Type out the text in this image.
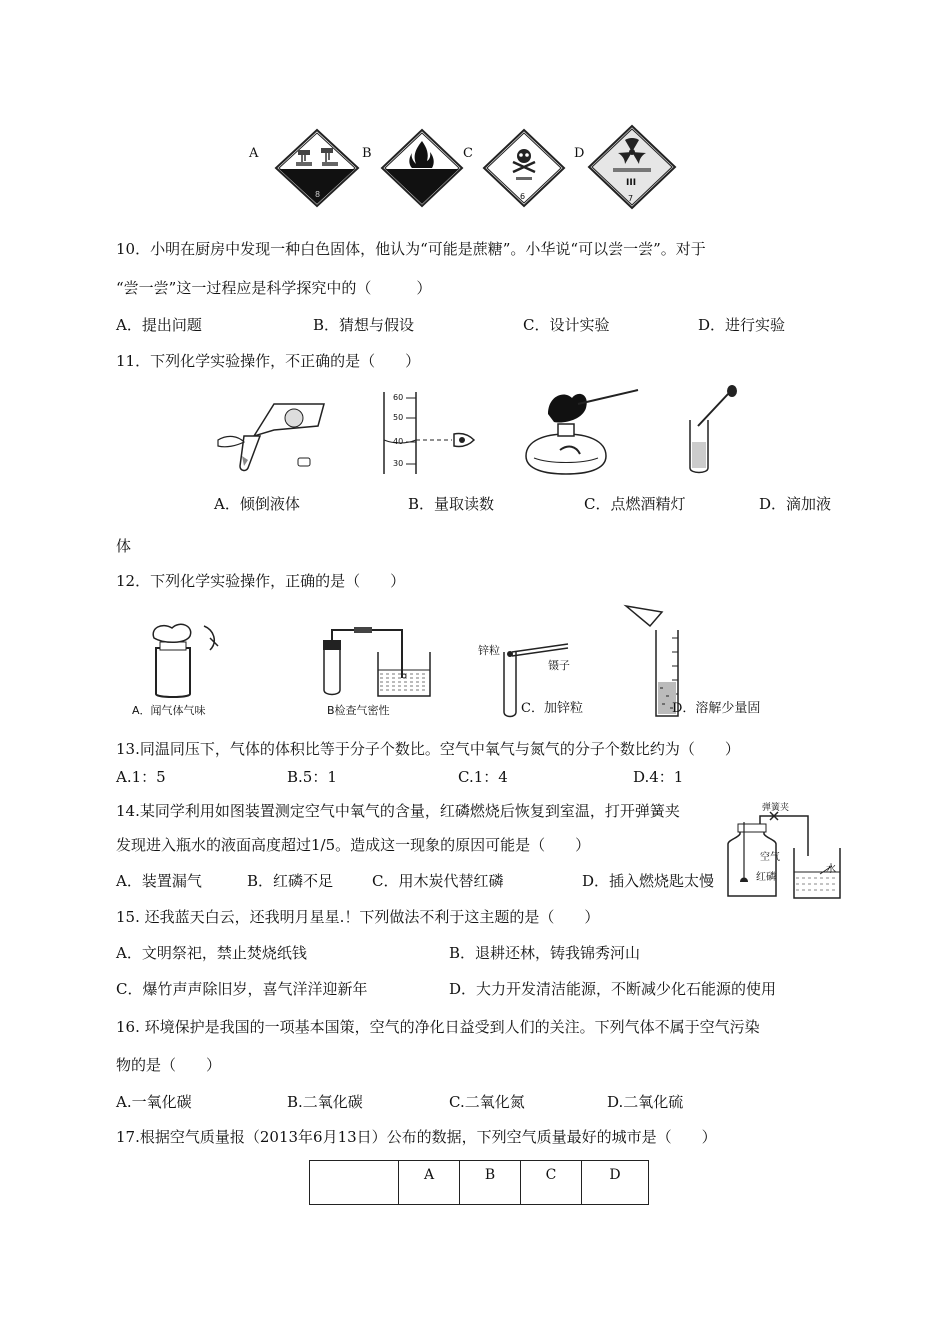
A	B	C	D
8	6
III
7
10．小明在厨房中发现一种白色固体，他认为“可能是蔗糖”。小华说“可以尝一尝”。对于
“尝一尝”这一过程应是科学探究中的（　　　）
A．提出问题	B．猜想与假设	C．设计实验	D．进行实验
11．下列化学实验操作，不正确的是（　　）
60
50
40
30
A．倾倒液体	B．量取读数	C．点燃酒精灯	D．滴加液
体
12．下列化学实验操作，正确的是（　　）
A．闻气体气味	B检查气密性
锌粒
镊子
C．加锌粒	D．溶解少量固
13.同温同压下，气体的体积比等于分子个数比。空气中氧气与氮气的分子个数比约为（　　）
A.1：5	B.5：1	C.1：4	D.4：1
14.某同学利用如图装置测定空气中氧气的含量，红磷燃烧后恢复到室温，打开弹簧夹
发现进入瓶水的液面高度超过1/5。造成这一现象的原因可能是（　　）
A．装置漏气	B．红磷不足	C．用木炭代替红磷	D．插入燃烧匙太慢
弹簧夹
空气
红磷
水
15. 还我蓝天白云，还我明月星星.！下列做法不利于这主题的是（　　）
A．文明祭祀，禁止焚烧纸钱	B．退耕还林，铸我锦秀河山
C．爆竹声声除旧岁，喜气洋洋迎新年	D．大力开发清洁能源，不断减少化石能源的使用
16. 环境保护是我国的一项基本国策，空气的净化日益受到人们的关注。下列气体不属于空气污染
物的是（　　）
A.一氧化碳	B.二氧化碳	C.二氧化氮	D.二氧化硫
17.根据空气质量报（2013年6月13日）公布的数据，下列空气质量最好的城市是（　　）
	A	B	C	D
